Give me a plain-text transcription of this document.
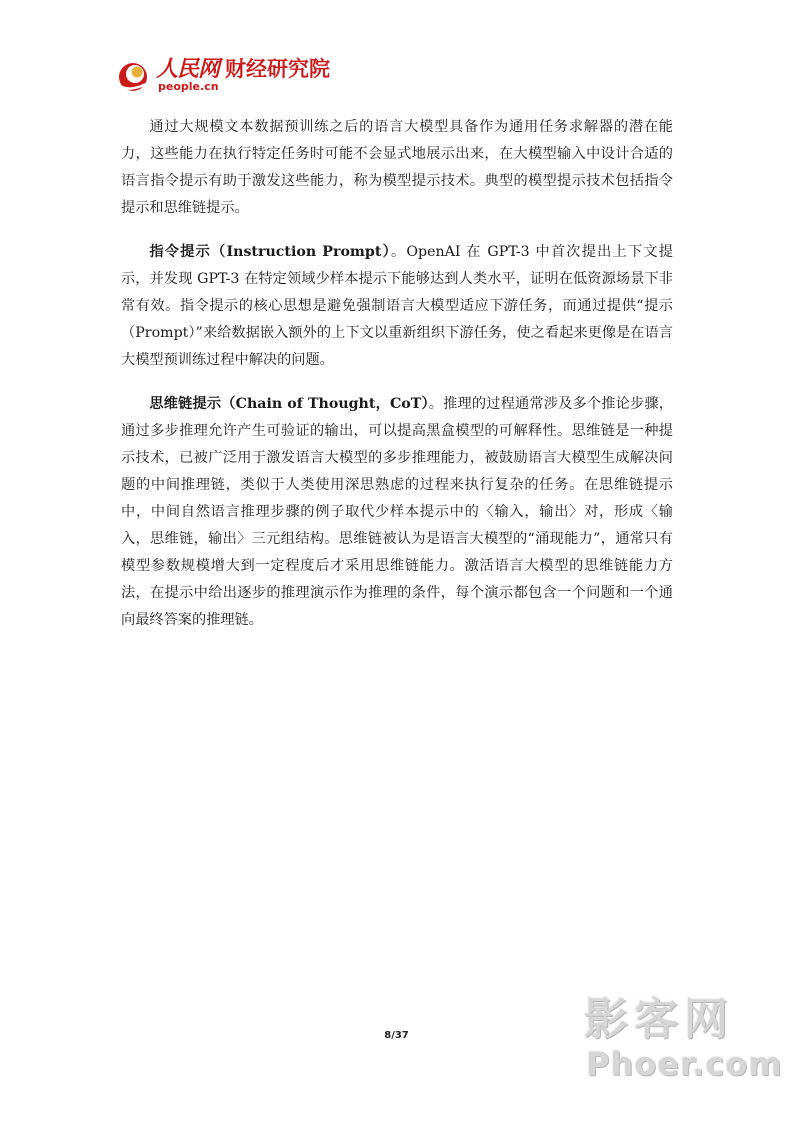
人民网 财经研究院
people.cn

通过大规模文本数据预训练之后的语言大模型具备作为通用任务求解器的潜在能力，这些能力在执行特定任务时可能不会显式地展示出来，在大模型输入中设计合适的语言指令提示有助于激发这些能力，称为模型提示技术。典型的模型提示技术包括指令提示和思维链提示。

指令提示（Instruction Prompt）。OpenAI 在 GPT-3 中首次提出上下文提示，并发现 GPT-3 在特定领域少样本提示下能够达到人类水平，证明在低资源场景下非常有效。指令提示的核心思想是避免强制语言大模型适应下游任务，而通过提供“提示（Prompt）”来给数据嵌入额外的上下文以重新组织下游任务，使之看起来更像是在语言大模型预训练过程中解决的问题。

思维链提示（Chain of Thought，CoT）。推理的过程通常涉及多个推论步骤，通过多步推理允许产生可验证的输出，可以提高黑盒模型的可解释性。思维链是一种提示技术，已被广泛用于激发语言大模型的多步推理能力，被鼓励语言大模型生成解决问题的中间推理链，类似于人类使用深思熟虑的过程来执行复杂的任务。在思维链提示中，中间自然语言推理步骤的例子取代少样本提示中的〈输入，输出〉对，形成〈输入，思维链，输出〉三元组结构。思维链被认为是语言大模型的“涌现能力”，通常只有模型参数规模增大到一定程度后才采用思维链能力。激活语言大模型的思维链能力方法，在提示中给出逐步的推理演示作为推理的条件，每个演示都包含一个问题和一个通向最终答案的推理链。

8/37	影客网
Phoer.com
